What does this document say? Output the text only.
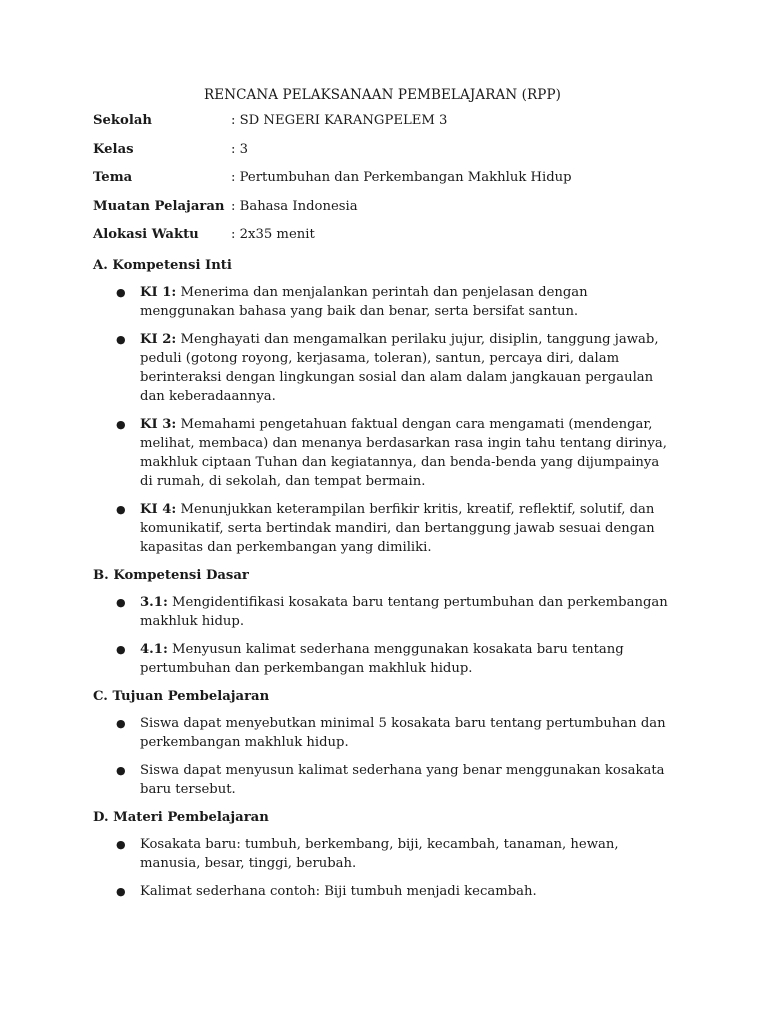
RENCANA PELAKSANAAN PEMBELAJARAN (RPP)
Sekolah	: SD NEGERI KARANGPELEM 3
Kelas	: 3
Tema	: Pertumbuhan dan Perkembangan Makhluk Hidup
Muatan Pelajaran : Bahasa Indonesia
Alokasi Waktu	: 2x35 menit
A. Kompetensi Inti
● KI 1: Menerima dan menjalankan perintah dan penjelasan dengan menggunakan bahasa yang baik dan benar, serta bersifat santun.
● KI 2: Menghayati dan mengamalkan perilaku jujur, disiplin, tanggung jawab, peduli (gotong royong, kerjasama, toleran), santun, percaya diri, dalam berinteraksi dengan lingkungan sosial dan alam dalam jangkauan pergaulan dan keberadaannya.
● KI 3: Memahami pengetahuan faktual dengan cara mengamati (mendengar, melihat, membaca) dan menanya berdasarkan rasa ingin tahu tentang dirinya, makhluk ciptaan Tuhan dan kegiatannya, dan benda-benda yang dijumpainya di rumah, di sekolah, dan tempat bermain.
● KI 4: Menunjukkan keterampilan berfikir kritis, kreatif, reflektif, solutif, dan komunikatif, serta bertindak mandiri, dan bertanggung jawab sesuai dengan kapasitas dan perkembangan yang dimiliki.
B. Kompetensi Dasar
● 3.1: Mengidentifikasi kosakata baru tentang pertumbuhan dan perkembangan makhluk hidup.
● 4.1: Menyusun kalimat sederhana menggunakan kosakata baru tentang pertumbuhan dan perkembangan makhluk hidup.
C. Tujuan Pembelajaran
● Siswa dapat menyebutkan minimal 5 kosakata baru tentang pertumbuhan dan perkembangan makhluk hidup.
● Siswa dapat menyusun kalimat sederhana yang benar menggunakan kosakata baru tersebut.
D. Materi Pembelajaran
● Kosakata baru: tumbuh, berkembang, biji, kecambah, tanaman, hewan, manusia, besar, tinggi, berubah.
● Kalimat sederhana contoh: Biji tumbuh menjadi kecambah.
